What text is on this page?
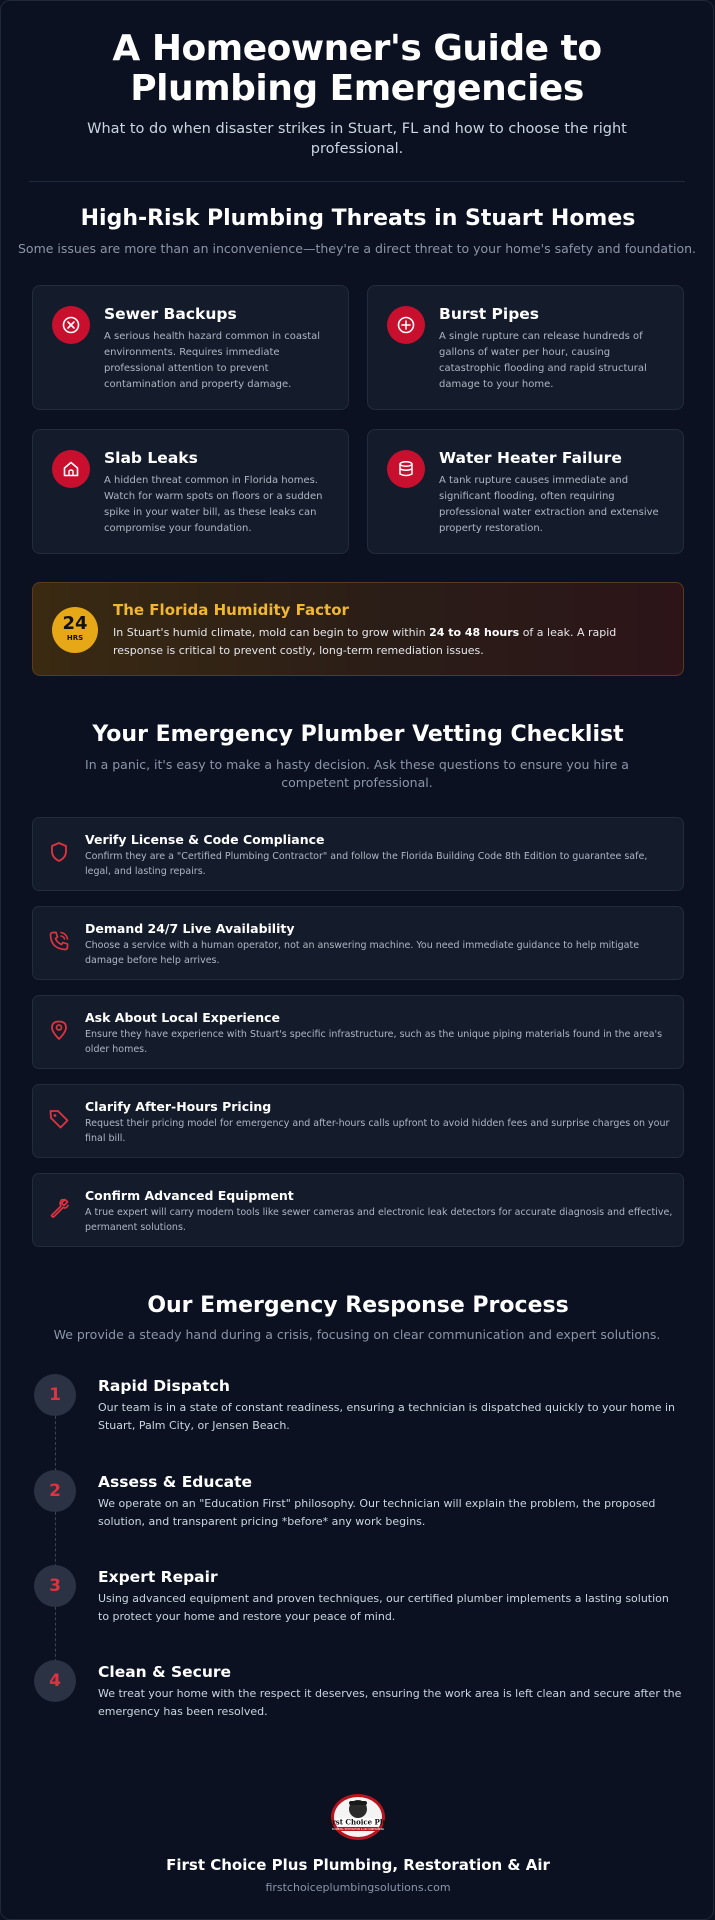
A Homeowner's Guide to Plumbing Emergencies

What to do when disaster strikes in Stuart, FL and how to choose the right professional.

High-Risk Plumbing Threats in Stuart Homes

Some issues are more than an inconvenience—they're a direct threat to your home's safety and foundation.

Sewer Backups
A serious health hazard common in coastal environments. Requires immediate professional attention to prevent contamination and property damage.
Burst Pipes
A single rupture can release hundreds of gallons of water per hour, causing catastrophic flooding and rapid structural damage to your home.
Slab Leaks
A hidden threat common in Florida homes. Watch for warm spots on floors or a sudden spike in your water bill, as these leaks can compromise your foundation.
Water Heater Failure
A tank rupture causes immediate and significant flooding, often requiring professional water extraction and extensive property restoration.
24
HRS
The Florida Humidity Factor
In Stuart's humid climate, mold can begin to grow within 24 to 48 hours of a leak. A rapid response is critical to prevent costly, long-term remediation issues.
Your Emergency Plumber Vetting Checklist

In a panic, it's easy to make a hasty decision. Ask these questions to ensure you hire a competent professional.

Verify License & Code Compliance
Confirm they are a "Certified Plumbing Contractor" and follow the Florida Building Code 8th Edition to guarantee safe, legal, and lasting repairs.
Demand 24/7 Live Availability
Choose a service with a human operator, not an answering machine. You need immediate guidance to help mitigate damage before help arrives.
Ask About Local Experience
Ensure they have experience with Stuart's specific infrastructure, such as the unique piping materials found in the area's older homes.
Clarify After-Hours Pricing
Request their pricing model for emergency and after-hours calls upfront to avoid hidden fees and surprise charges on your final bill.
Confirm Advanced Equipment
A true expert will carry modern tools like sewer cameras and electronic leak detectors for accurate diagnosis and effective, permanent solutions.
Our Emergency Response Process

We provide a steady hand during a crisis, focusing on clear communication and expert solutions.

1	Rapid Dispatch
Our team is in a state of constant readiness, ensuring a technician is dispatched quickly to your home in Stuart, Palm City, or Jensen Beach.
2	Assess & Educate
We operate on an "Education First" philosophy. Our technician will explain the problem, the proposed solution, and transparent pricing *before* any work begins.
3	Expert Repair
Using advanced equipment and proven techniques, our certified plumber implements a lasting solution to protect your home and restore your peace of mind.
4	Clean & Secure
We treat your home with the respect it deserves, ensuring the work area is left clean and secure after the emergency has been resolved.
First Choice Plus
PLUMBING, RESTORATION & AIR CONDITIONING
First Choice Plus Plumbing, Restoration & Air
firstchoiceplumbingsolutions.com
